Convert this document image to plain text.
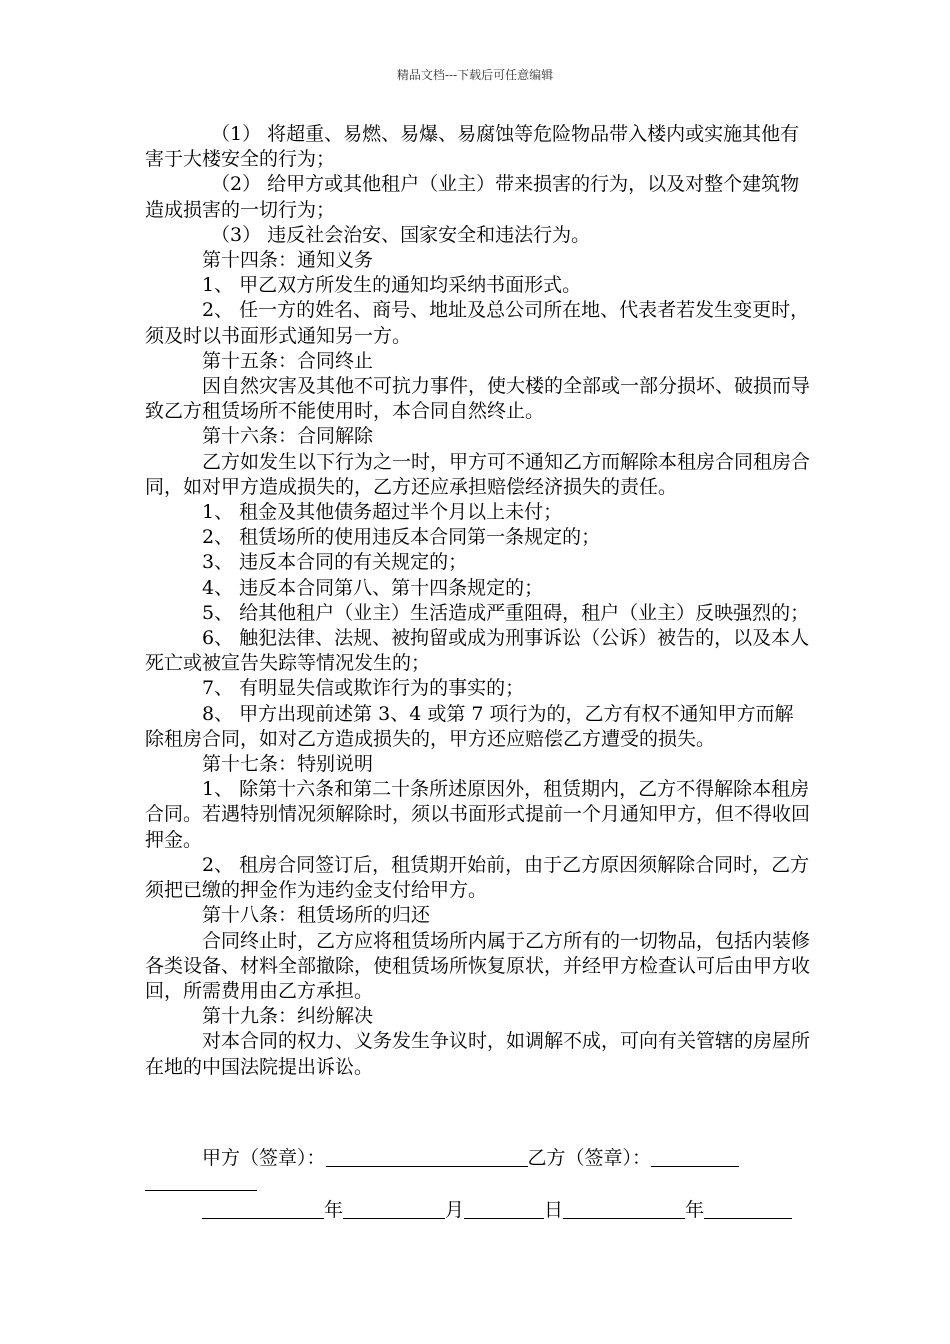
精品文档---下载后可任意编辑

（1） 将超重、易燃、易爆、易腐蚀等危险物品带入楼内或实施其他有害于大楼安全的行为；

（2） 给甲方或其他租户（业主）带来损害的行为，以及对整个建筑物造成损害的一切行为；

（3） 违反社会治安、国家安全和违法行为。

第十四条：通知义务

1、 甲乙双方所发生的通知均采纳书面形式。

2、 任一方的姓名、商号、地址及总公司所在地、代表者若发生变更时，须及时以书面形式通知另一方。

第十五条：合同终止

因自然灾害及其他不可抗力事件，使大楼的全部或一部分损坏、破损而导致乙方租赁场所不能使用时，本合同自然终止。

第十六条：合同解除

乙方如发生以下行为之一时，甲方可不通知乙方而解除本租房合同租房合同，如对甲方造成损失的，乙方还应承担赔偿经济损失的责任。

1、 租金及其他债务超过半个月以上未付；

2、 租赁场所的使用违反本合同第一条规定的；

3、 违反本合同的有关规定的；

4、 违反本合同第八、第十四条规定的；

5、 给其他租户（业主）生活造成严重阻碍，租户（业主）反映强烈的；

6、 触犯法律、法规、被拘留或成为刑事诉讼（公诉）被告的，以及本人死亡或被宣告失踪等情况发生的；

7、 有明显失信或欺诈行为的事实的；

8、 甲方出现前述第 3、4 或第 7 项行为的，乙方有权不通知甲方而解除租房合同，如对乙方造成损失的，甲方还应赔偿乙方遭受的损失。

第十七条：特别说明

1、 除第十六条和第二十条所述原因外，租赁期内，乙方不得解除本租房合同。若遇特别情况须解除时，须以书面形式提前一个月通知甲方，但不得收回押金。

2、 租房合同签订后，租赁期开始前，由于乙方原因须解除合同时，乙方须把已缴的押金作为违约金支付给甲方。

第十八条：租赁场所的归还

合同终止时，乙方应将租赁场所内属于乙方所有的一切物品，包括内装修各类设备、材料全部撤除，使租赁场所恢复原状，并经甲方检查认可后由甲方收回，所需费用由乙方承担。

第十九条：纠纷解决

对本合同的权力、义务发生争议时，如调解不成，可向有关管辖的房屋所在地的中国法院提出诉讼。

甲方（签章）：	乙方（签章）：
年	月	日	年
